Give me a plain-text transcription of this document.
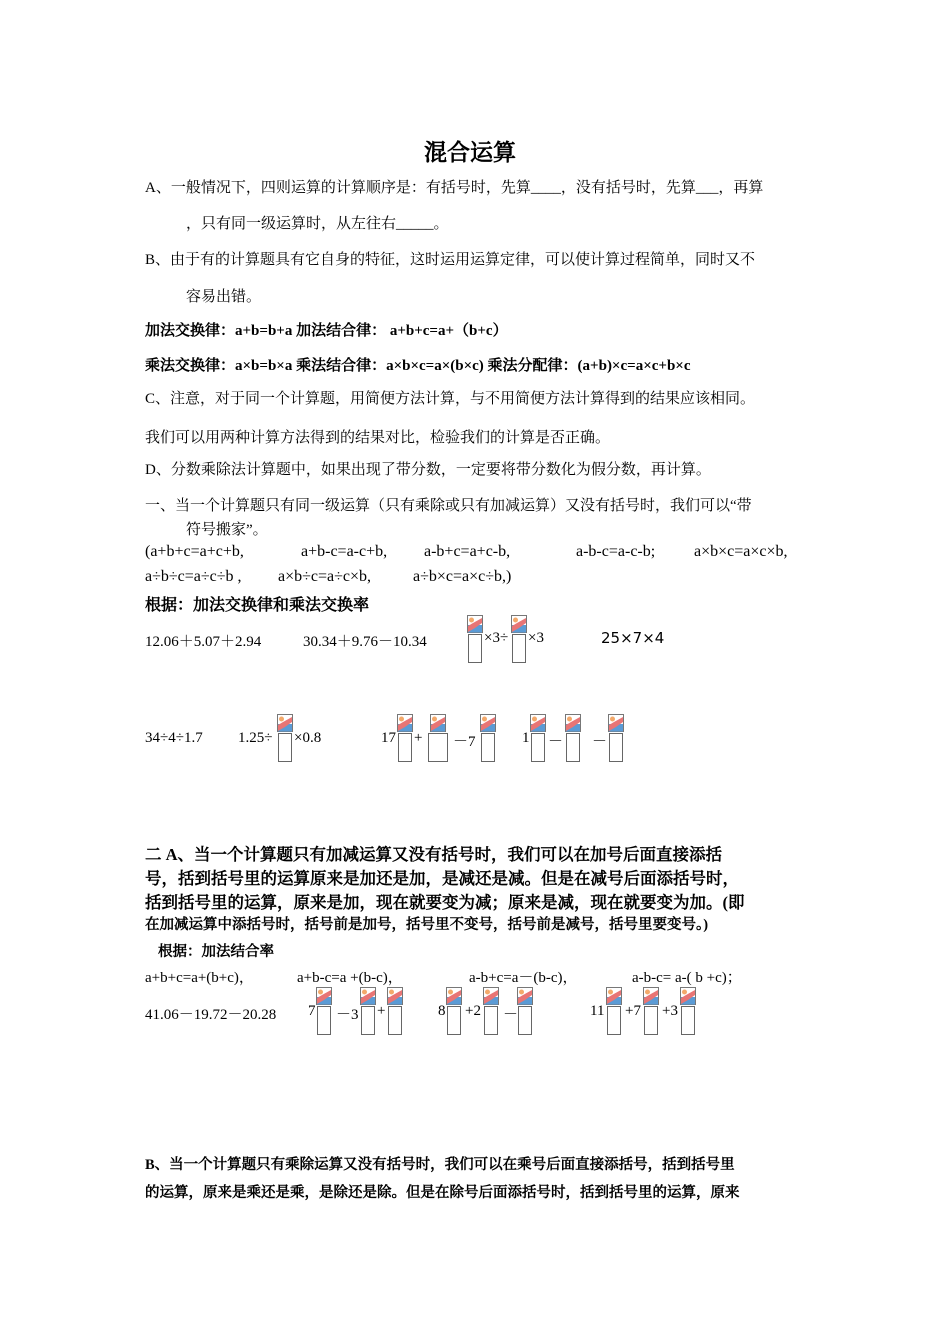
混合运算
A、一般情况下，四则运算的计算顺序是：有括号时，先算____，没有括号时，先算___，再算
，只有同一级运算时，从左往右_____。
B、由于有的计算题具有它自身的特征，这时运用运算定律，可以使计算过程简单，同时又不
容易出错。
加法交换律：a+b=b+a 加法结合律： a+b+c=a+（b+c）
乘法交换律：a×b=b×a 乘法结合律：a×b×c=a×(b×c) 乘法分配律：(a+b)×c=a×c+b×c
C、注意，对于同一个计算题，用简便方法计算，与不用简便方法计算得到的结果应该相同。
我们可以用两种计算方法得到的结果对比，检验我们的计算是否正确。
D、分数乘除法计算题中，如果出现了带分数，一定要将带分数化为假分数，再计算。
一、当一个计算题只有同一级运算（只有乘除或只有加减运算）又没有括号时，我们可以“带
符号搬家”。
(a+b+c=a+c+b,	a+b-c=a-c+b, a-b+c=a+c-b,	a-b-c=a-c-b; a×b×c=a×c×b,
a÷b÷c=a÷c÷b , a×b÷c=a÷c×b,	a÷b×c=a×c÷b,)
根据：加法交换律和乘法交换率
12.06＋5.07＋2.94	30.34＋9.76－10.34	×3÷ ×3	25×7×4
34÷4÷1.7 1.25÷ ×0.8	17 + －7	1 － －
二 A、当一个计算题只有加减运算又没有括号时，我们可以在加号后面直接添括
号，括到括号里的运算原来是加还是加，是减还是减。但是在减号后面添括号时，
括到括号里的运算，原来是加，现在就要变为减；原来是减，现在就要变为加。(即
在加减运算中添括号时，括号前是加号，括号里不变号，括号前是减号，括号里要变号。)
根据：加法结合率
a+b+c=a+(b+c)，	a+b-c=a +(b-c)，	a-b+c=a－(b-c)，	a-b-c= a-( b +c)；
41.06－19.72－20.28 7 －3 +	8 +2 －	11 +7 +3
B、当一个计算题只有乘除运算又没有括号时，我们可以在乘号后面直接添括号，括到括号里
的运算，原来是乘还是乘，是除还是除。但是在除号后面添括号时，括到括号里的运算，原来
